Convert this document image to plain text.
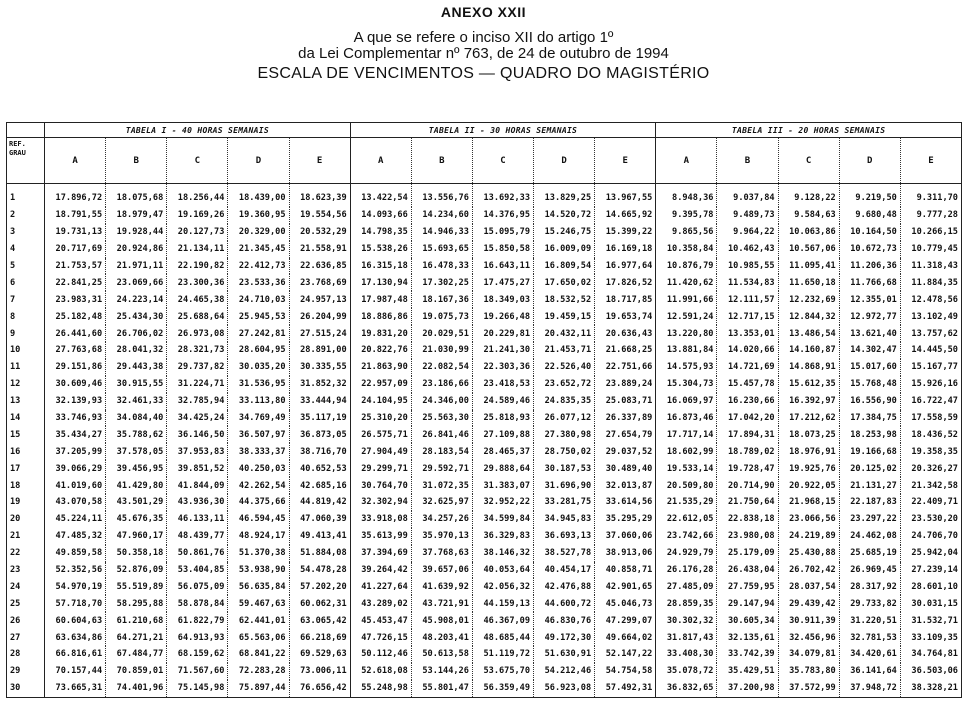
ANEXO XXII
A que se refere o inciso XII do artigo 1º
da Lei Complementar nº 763, de 24 de outubro de 1994
ESCALA DE VENCIMENTOS — QUADRO DO MAGISTÉRIO
	TABELA I - 40 HORAS SEMANAIS					TABELA II - 30 HORAS SEMANAIS					TABELA III - 20 HORAS SEMANAIS				
REF.
GRAU	A	B	C	D	E	A	B	C	D	E	A	B	C	D	E
1	17.896,72	18.075,68	18.256,44	18.439,00	18.623,39	13.422,54	13.556,76	13.692,33	13.829,25	13.967,55	8.948,36	9.037,84	9.128,22	9.219,50	9.311,70
2	18.791,55	18.979,47	19.169,26	19.360,95	19.554,56	14.093,66	14.234,60	14.376,95	14.520,72	14.665,92	9.395,78	9.489,73	9.584,63	9.680,48	9.777,28
3	19.731,13	19.928,44	20.127,73	20.329,00	20.532,29	14.798,35	14.946,33	15.095,79	15.246,75	15.399,22	9.865,56	9.964,22	10.063,86	10.164,50	10.266,15
4	20.717,69	20.924,86	21.134,11	21.345,45	21.558,91	15.538,26	15.693,65	15.850,58	16.009,09	16.169,18	10.358,84	10.462,43	10.567,06	10.672,73	10.779,45
5	21.753,57	21.971,11	22.190,82	22.412,73	22.636,85	16.315,18	16.478,33	16.643,11	16.809,54	16.977,64	10.876,79	10.985,55	11.095,41	11.206,36	11.318,43
6	22.841,25	23.069,66	23.300,36	23.533,36	23.768,69	17.130,94	17.302,25	17.475,27	17.650,02	17.826,52	11.420,62	11.534,83	11.650,18	11.766,68	11.884,35
7	23.983,31	24.223,14	24.465,38	24.710,03	24.957,13	17.987,48	18.167,36	18.349,03	18.532,52	18.717,85	11.991,66	12.111,57	12.232,69	12.355,01	12.478,56
8	25.182,48	25.434,30	25.688,64	25.945,53	26.204,99	18.886,86	19.075,73	19.266,48	19.459,15	19.653,74	12.591,24	12.717,15	12.844,32	12.972,77	13.102,49
9	26.441,60	26.706,02	26.973,08	27.242,81	27.515,24	19.831,20	20.029,51	20.229,81	20.432,11	20.636,43	13.220,80	13.353,01	13.486,54	13.621,40	13.757,62
10	27.763,68	28.041,32	28.321,73	28.604,95	28.891,00	20.822,76	21.030,99	21.241,30	21.453,71	21.668,25	13.881,84	14.020,66	14.160,87	14.302,47	14.445,50
11	29.151,86	29.443,38	29.737,82	30.035,20	30.335,55	21.863,90	22.082,54	22.303,36	22.526,40	22.751,66	14.575,93	14.721,69	14.868,91	15.017,60	15.167,77
12	30.609,46	30.915,55	31.224,71	31.536,95	31.852,32	22.957,09	23.186,66	23.418,53	23.652,72	23.889,24	15.304,73	15.457,78	15.612,35	15.768,48	15.926,16
13	32.139,93	32.461,33	32.785,94	33.113,80	33.444,94	24.104,95	24.346,00	24.589,46	24.835,35	25.083,71	16.069,97	16.230,66	16.392,97	16.556,90	16.722,47
14	33.746,93	34.084,40	34.425,24	34.769,49	35.117,19	25.310,20	25.563,30	25.818,93	26.077,12	26.337,89	16.873,46	17.042,20	17.212,62	17.384,75	17.558,59
15	35.434,27	35.788,62	36.146,50	36.507,97	36.873,05	26.575,71	26.841,46	27.109,88	27.380,98	27.654,79	17.717,14	17.894,31	18.073,25	18.253,98	18.436,52
16	37.205,99	37.578,05	37.953,83	38.333,37	38.716,70	27.904,49	28.183,54	28.465,37	28.750,02	29.037,52	18.602,99	18.789,02	18.976,91	19.166,68	19.358,35
17	39.066,29	39.456,95	39.851,52	40.250,03	40.652,53	29.299,71	29.592,71	29.888,64	30.187,53	30.489,40	19.533,14	19.728,47	19.925,76	20.125,02	20.326,27
18	41.019,60	41.429,80	41.844,09	42.262,54	42.685,16	30.764,70	31.072,35	31.383,07	31.696,90	32.013,87	20.509,80	20.714,90	20.922,05	21.131,27	21.342,58
19	43.070,58	43.501,29	43.936,30	44.375,66	44.819,42	32.302,94	32.625,97	32.952,22	33.281,75	33.614,56	21.535,29	21.750,64	21.968,15	22.187,83	22.409,71
20	45.224,11	45.676,35	46.133,11	46.594,45	47.060,39	33.918,08	34.257,26	34.599,84	34.945,83	35.295,29	22.612,05	22.838,18	23.066,56	23.297,22	23.530,20
21	47.485,32	47.960,17	48.439,77	48.924,17	49.413,41	35.613,99	35.970,13	36.329,83	36.693,13	37.060,06	23.742,66	23.980,08	24.219,89	24.462,08	24.706,70
22	49.859,58	50.358,18	50.861,76	51.370,38	51.884,08	37.394,69	37.768,63	38.146,32	38.527,78	38.913,06	24.929,79	25.179,09	25.430,88	25.685,19	25.942,04
23	52.352,56	52.876,09	53.404,85	53.938,90	54.478,28	39.264,42	39.657,06	40.053,64	40.454,17	40.858,71	26.176,28	26.438,04	26.702,42	26.969,45	27.239,14
24	54.970,19	55.519,89	56.075,09	56.635,84	57.202,20	41.227,64	41.639,92	42.056,32	42.476,88	42.901,65	27.485,09	27.759,95	28.037,54	28.317,92	28.601,10
25	57.718,70	58.295,88	58.878,84	59.467,63	60.062,31	43.289,02	43.721,91	44.159,13	44.600,72	45.046,73	28.859,35	29.147,94	29.439,42	29.733,82	30.031,15
26	60.604,63	61.210,68	61.822,79	62.441,01	63.065,42	45.453,47	45.908,01	46.367,09	46.830,76	47.299,07	30.302,32	30.605,34	30.911,39	31.220,51	31.532,71
27	63.634,86	64.271,21	64.913,93	65.563,06	66.218,69	47.726,15	48.203,41	48.685,44	49.172,30	49.664,02	31.817,43	32.135,61	32.456,96	32.781,53	33.109,35
28	66.816,61	67.484,77	68.159,62	68.841,22	69.529,63	50.112,46	50.613,58	51.119,72	51.630,91	52.147,22	33.408,30	33.742,39	34.079,81	34.420,61	34.764,81
29	70.157,44	70.859,01	71.567,60	72.283,28	73.006,11	52.618,08	53.144,26	53.675,70	54.212,46	54.754,58	35.078,72	35.429,51	35.783,80	36.141,64	36.503,06
30	73.665,31	74.401,96	75.145,98	75.897,44	76.656,42	55.248,98	55.801,47	56.359,49	56.923,08	57.492,31	36.832,65	37.200,98	37.572,99	37.948,72	38.328,21
